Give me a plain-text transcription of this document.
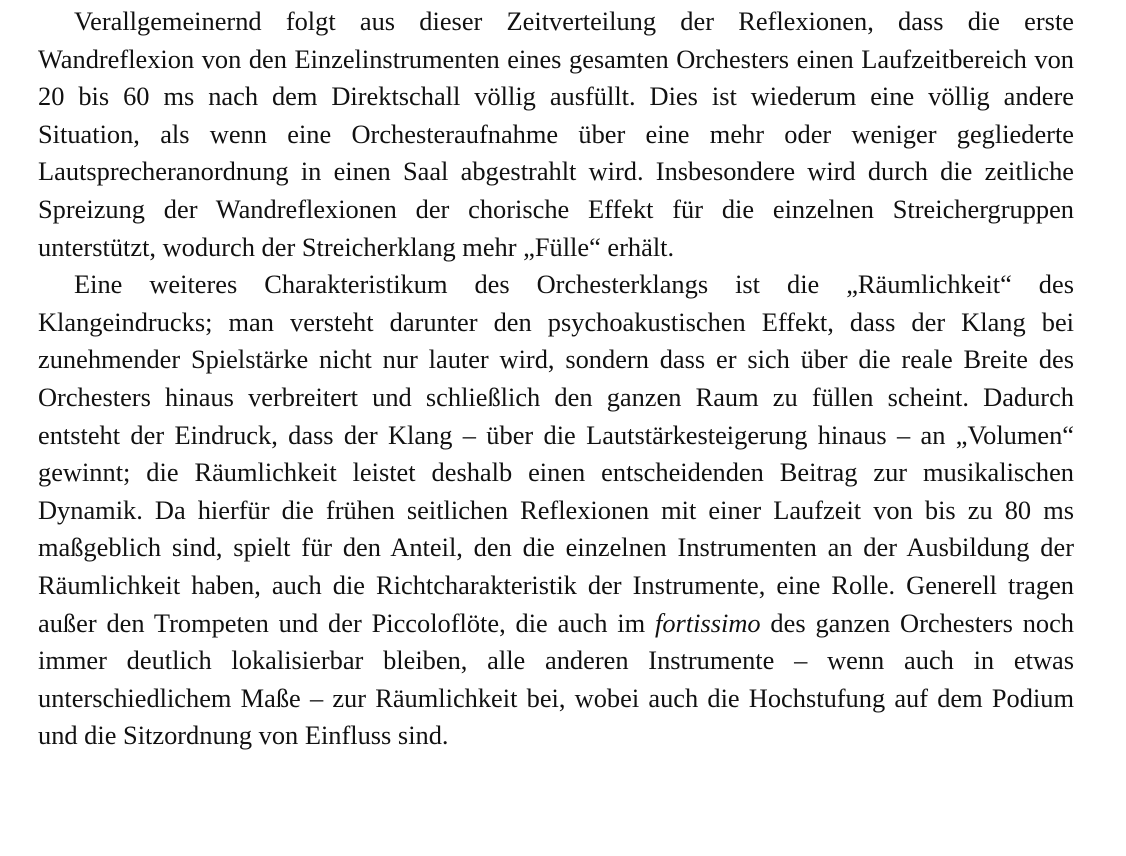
Verallgemeinernd folgt aus dieser Zeitverteilung der Reflexionen, dass die erste Wandreflexion von den Einzelinstrumenten eines gesamten Orchesters einen Laufzeitbereich von 20 bis 60 ms nach dem Direktschall völlig ausfüllt. Dies ist wiederum eine völlig andere Situation, als wenn eine Orchesteraufnahme über eine mehr oder weniger gegliederte Lautsprecheranordnung in einen Saal abgestrahlt wird. Insbesondere wird durch die zeitliche Spreizung der Wandreflexionen der chorische Effekt für die einzelnen Streichergruppen unterstützt, wodurch der Streicherklang mehr „Fülle“ erhält.

Eine weiteres Charakteristikum des Orchesterklangs ist die „Räumlichkeit“ des Klangeindrucks; man versteht darunter den psychoakustischen Effekt, dass der Klang bei zunehmender Spielstärke nicht nur lauter wird, sondern dass er sich über die reale Breite des Orchesters hinaus verbreitert und schließlich den ganzen Raum zu füllen scheint. Dadurch entsteht der Eindruck, dass der Klang – über die Lautstärkesteigerung hinaus – an „Volumen“ gewinnt; die Räumlichkeit leistet deshalb einen entscheidenden Beitrag zur musikalischen Dynamik. Da hierfür die frühen seitlichen Reflexionen mit einer Laufzeit von bis zu 80 ms maßgeblich sind, spielt für den Anteil, den die einzelnen Instrumenten an der Ausbildung der Räumlichkeit haben, auch die Richtcharakteristik der Instrumente, eine Rolle. Generell tragen außer den Trompeten und der Piccoloflöte, die auch im fortissimo des ganzen Orchesters noch immer deutlich lokalisierbar bleiben, alle anderen Instrumente – wenn auch in etwas unterschiedlichem Maße – zur Räumlichkeit bei, wobei auch die Hochstufung auf dem Podium und die Sitzordnung von Einfluss sind.
